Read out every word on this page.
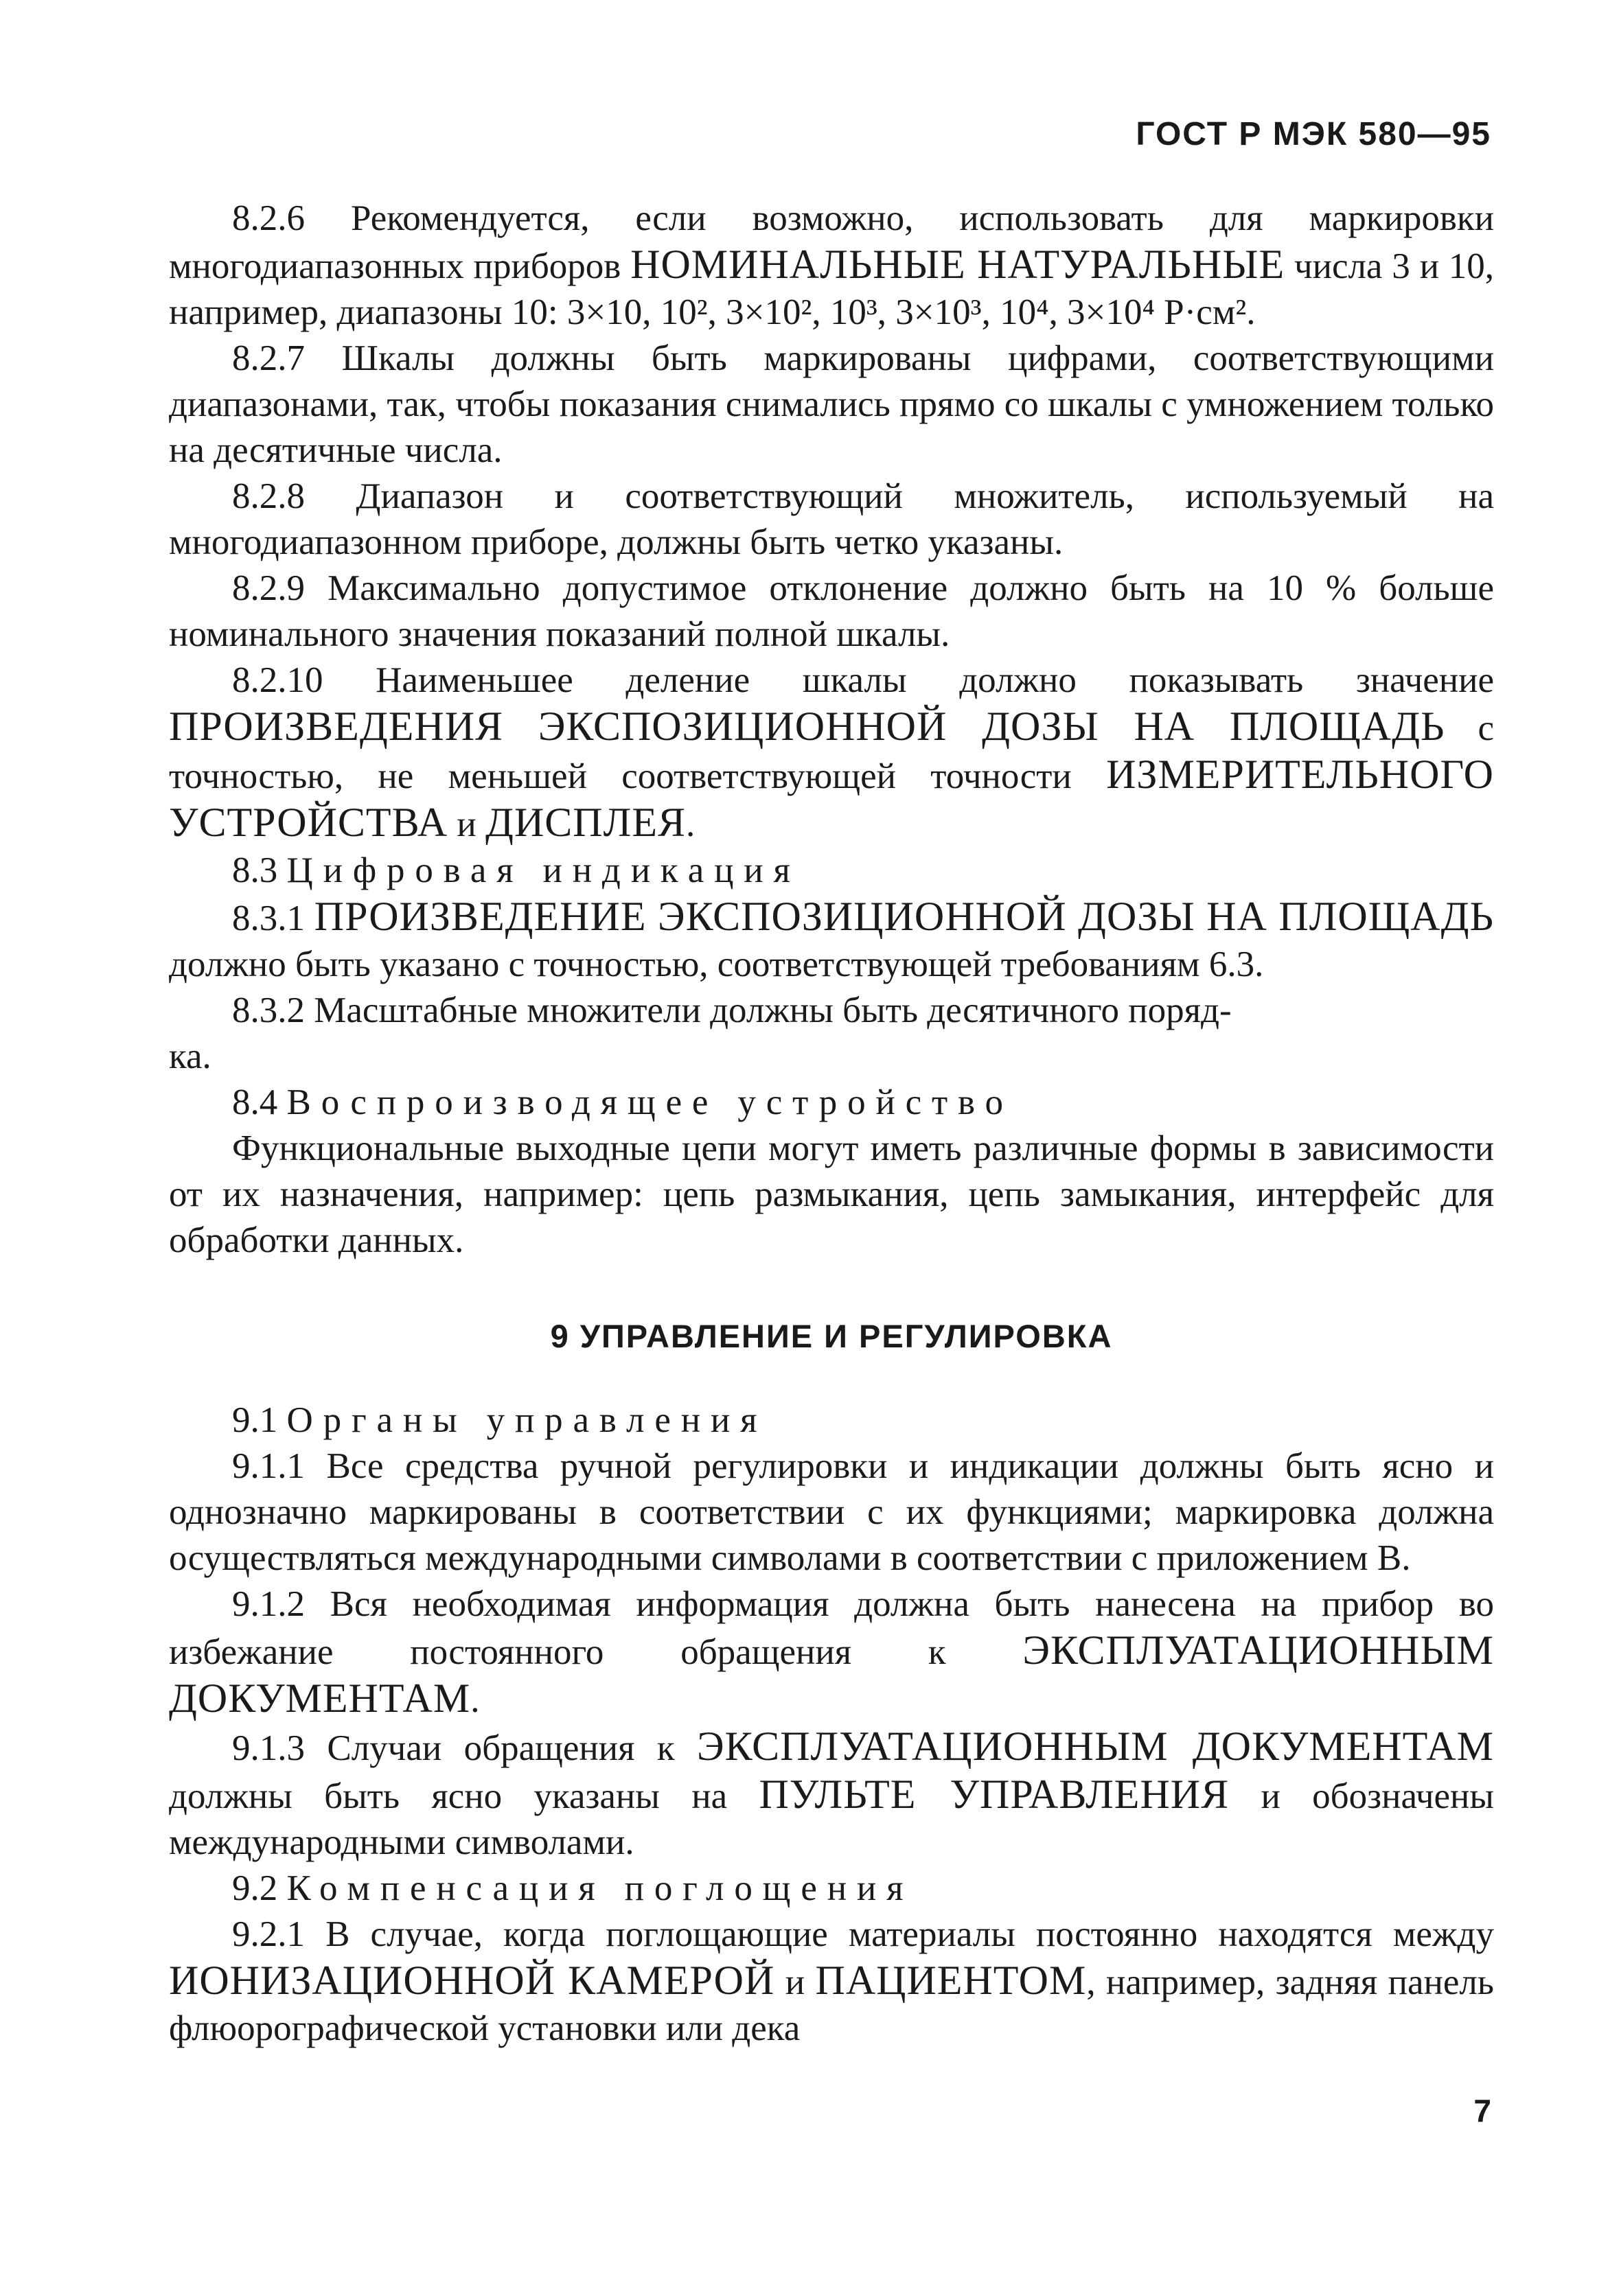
ГОСТ Р МЭК 580—95

8.2.6 Рекомендуется, если возможно, использовать для маркировки многодиапазонных приборов НОМИНАЛЬНЫЕ НАТУРАЛЬНЫЕ числа 3 и 10, например, диапазоны 10: 3×10, 10², 3×10², 10³, 3×10³, 10⁴, 3×10⁴ Р·см².

8.2.7 Шкалы должны быть маркированы цифрами, соответствующими диапазонами, так, чтобы показания снимались прямо со шкалы с умножением только на десятичные числа.

8.2.8 Диапазон и соответствующий множитель, используемый на многодиапазонном приборе, должны быть четко указаны.

8.2.9 Максимально допустимое отклонение должно быть на 10 % больше номинального значения показаний полной шкалы.

8.2.10 Наименьшее деление шкалы должно показывать значение ПРОИЗВЕДЕНИЯ ЭКСПОЗИЦИОННОЙ ДОЗЫ НА ПЛОЩАДЬ с точностью, не меньшей соответствующей точности ИЗМЕРИТЕЛЬНОГО УСТРОЙСТВА и ДИСПЛЕЯ.

8.3 Цифровая индикация

8.3.1 ПРОИЗВЕДЕНИЕ ЭКСПОЗИЦИОННОЙ ДОЗЫ НА ПЛОЩАДЬ должно быть указано с точностью, соответствующей требованиям 6.3.

8.3.2 Масштабные множители должны быть десятичного поряд-
ка.

8.4 Воспроизводящее устройство

Функциональные выходные цепи могут иметь различные формы в зависимости от их назначения, например: цепь размыкания, цепь замыкания, интерфейс для обработки данных.

9 УПРАВЛЕНИЕ И РЕГУЛИРОВКА

9.1 Органы управления

9.1.1 Все средства ручной регулировки и индикации должны быть ясно и однозначно маркированы в соответствии с их функциями; маркировка должна осуществляться международными символами в соответствии с приложением В.

9.1.2 Вся необходимая информация должна быть нанесена на прибор во избежание постоянного обращения к ЭКСПЛУАТАЦИОННЫМ ДОКУМЕНТАМ.

9.1.3 Случаи обращения к ЭКСПЛУАТАЦИОННЫМ ДОКУМЕНТАМ должны быть ясно указаны на ПУЛЬТЕ УПРАВЛЕНИЯ и обозначены международными символами.

9.2 Компенсация поглощения

9.2.1 В случае, когда поглощающие материалы постоянно находятся между ИОНИЗАЦИОННОЙ КАМЕРОЙ и ПАЦИЕНТОМ, например, задняя панель флюорографической установки или дека

7
